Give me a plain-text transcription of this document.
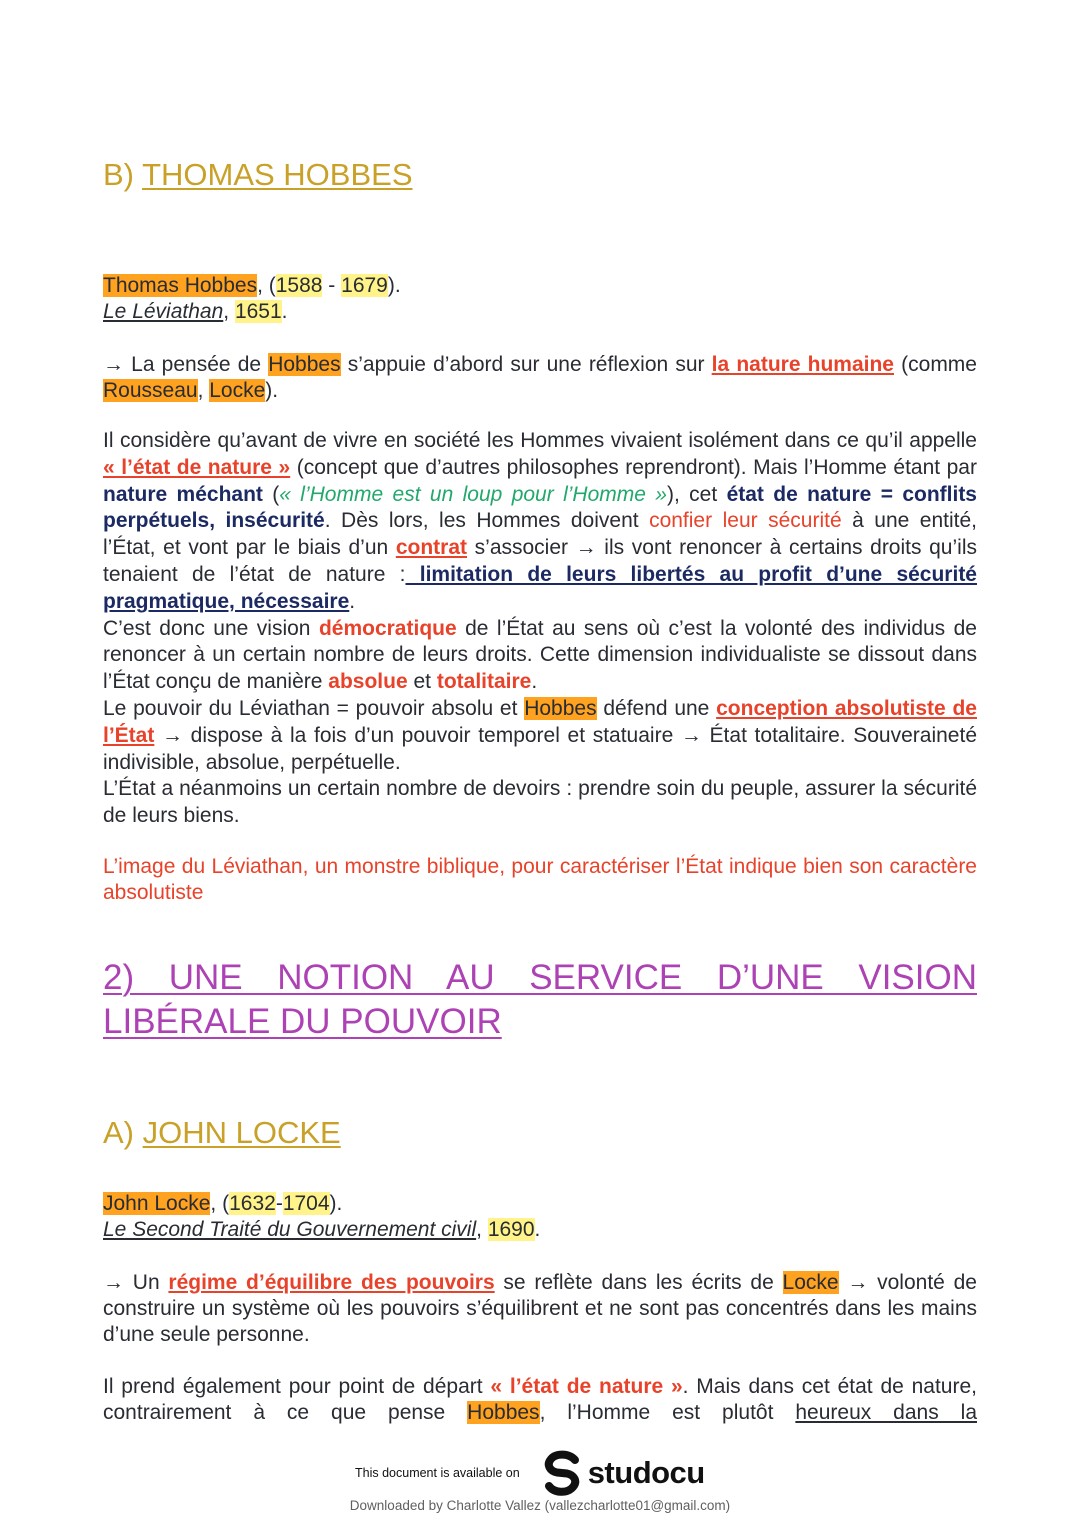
B) THOMAS HOBBES
Thomas Hobbes, (1588 - 1679).
Le Léviathan, 1651.

→ La pensée de Hobbes s’appuie d’abord sur une réflexion sur la nature humaine (comme Rousseau, Locke).

Il considère qu’avant de vivre en société les Hommes vivaient isolément dans ce qu’il appelle « l’état de nature » (concept que d’autres philosophes reprendront). Mais l’Homme étant par nature méchant (« l’Homme est un loup pour l’Homme »), cet état de nature = conflits perpétuels, insécurité. Dès lors, les Hommes doivent confier leur sécurité à une entité, l’État, et vont par le biais d’un contrat s’associer → ils vont renoncer à certains droits qu’ils tenaient de l’état de nature : limitation de leurs libertés au profit d’une sécurité pragmatique, nécessaire.

C’est donc une vision démocratique de l’État au sens où c’est la volonté des individus de renoncer à un certain nombre de leurs droits. Cette dimension individualiste se dissout dans l’État conçu de manière absolue et totalitaire.

Le pouvoir du Léviathan = pouvoir absolu et Hobbes défend une conception absolutiste de l’État → dispose à la fois d’un pouvoir temporel et statuaire → État totalitaire. Souveraineté indivisible, absolue, perpétuelle.

L’État a néanmoins un certain nombre de devoirs : prendre soin du peuple, assurer la sécurité de leurs biens.

L’image du Léviathan, un monstre biblique, pour caractériser l’État indique bien son caractère absolutiste

2) UNE NOTION AU SERVICE D’UNE VISION LIBÉRALE DU POUVOIR
A) JOHN LOCKE
John Locke, (1632-1704).
Le Second Traité du Gouvernement civil, 1690.

→ Un régime d’équilibre des pouvoirs se reflète dans les écrits de Locke → volonté de construire un système où les pouvoirs s’équilibrent et ne sont pas concentrés dans les mains d’une seule personne.

Il prend également pour point de départ « l’état de nature ». Mais dans cet état de nature, contrairement à ce que pense Hobbes, l’Homme est plutôt heureux dans la

This document is available on studocu
Downloaded by Charlotte Vallez (vallezcharlotte01@gmail.com)
